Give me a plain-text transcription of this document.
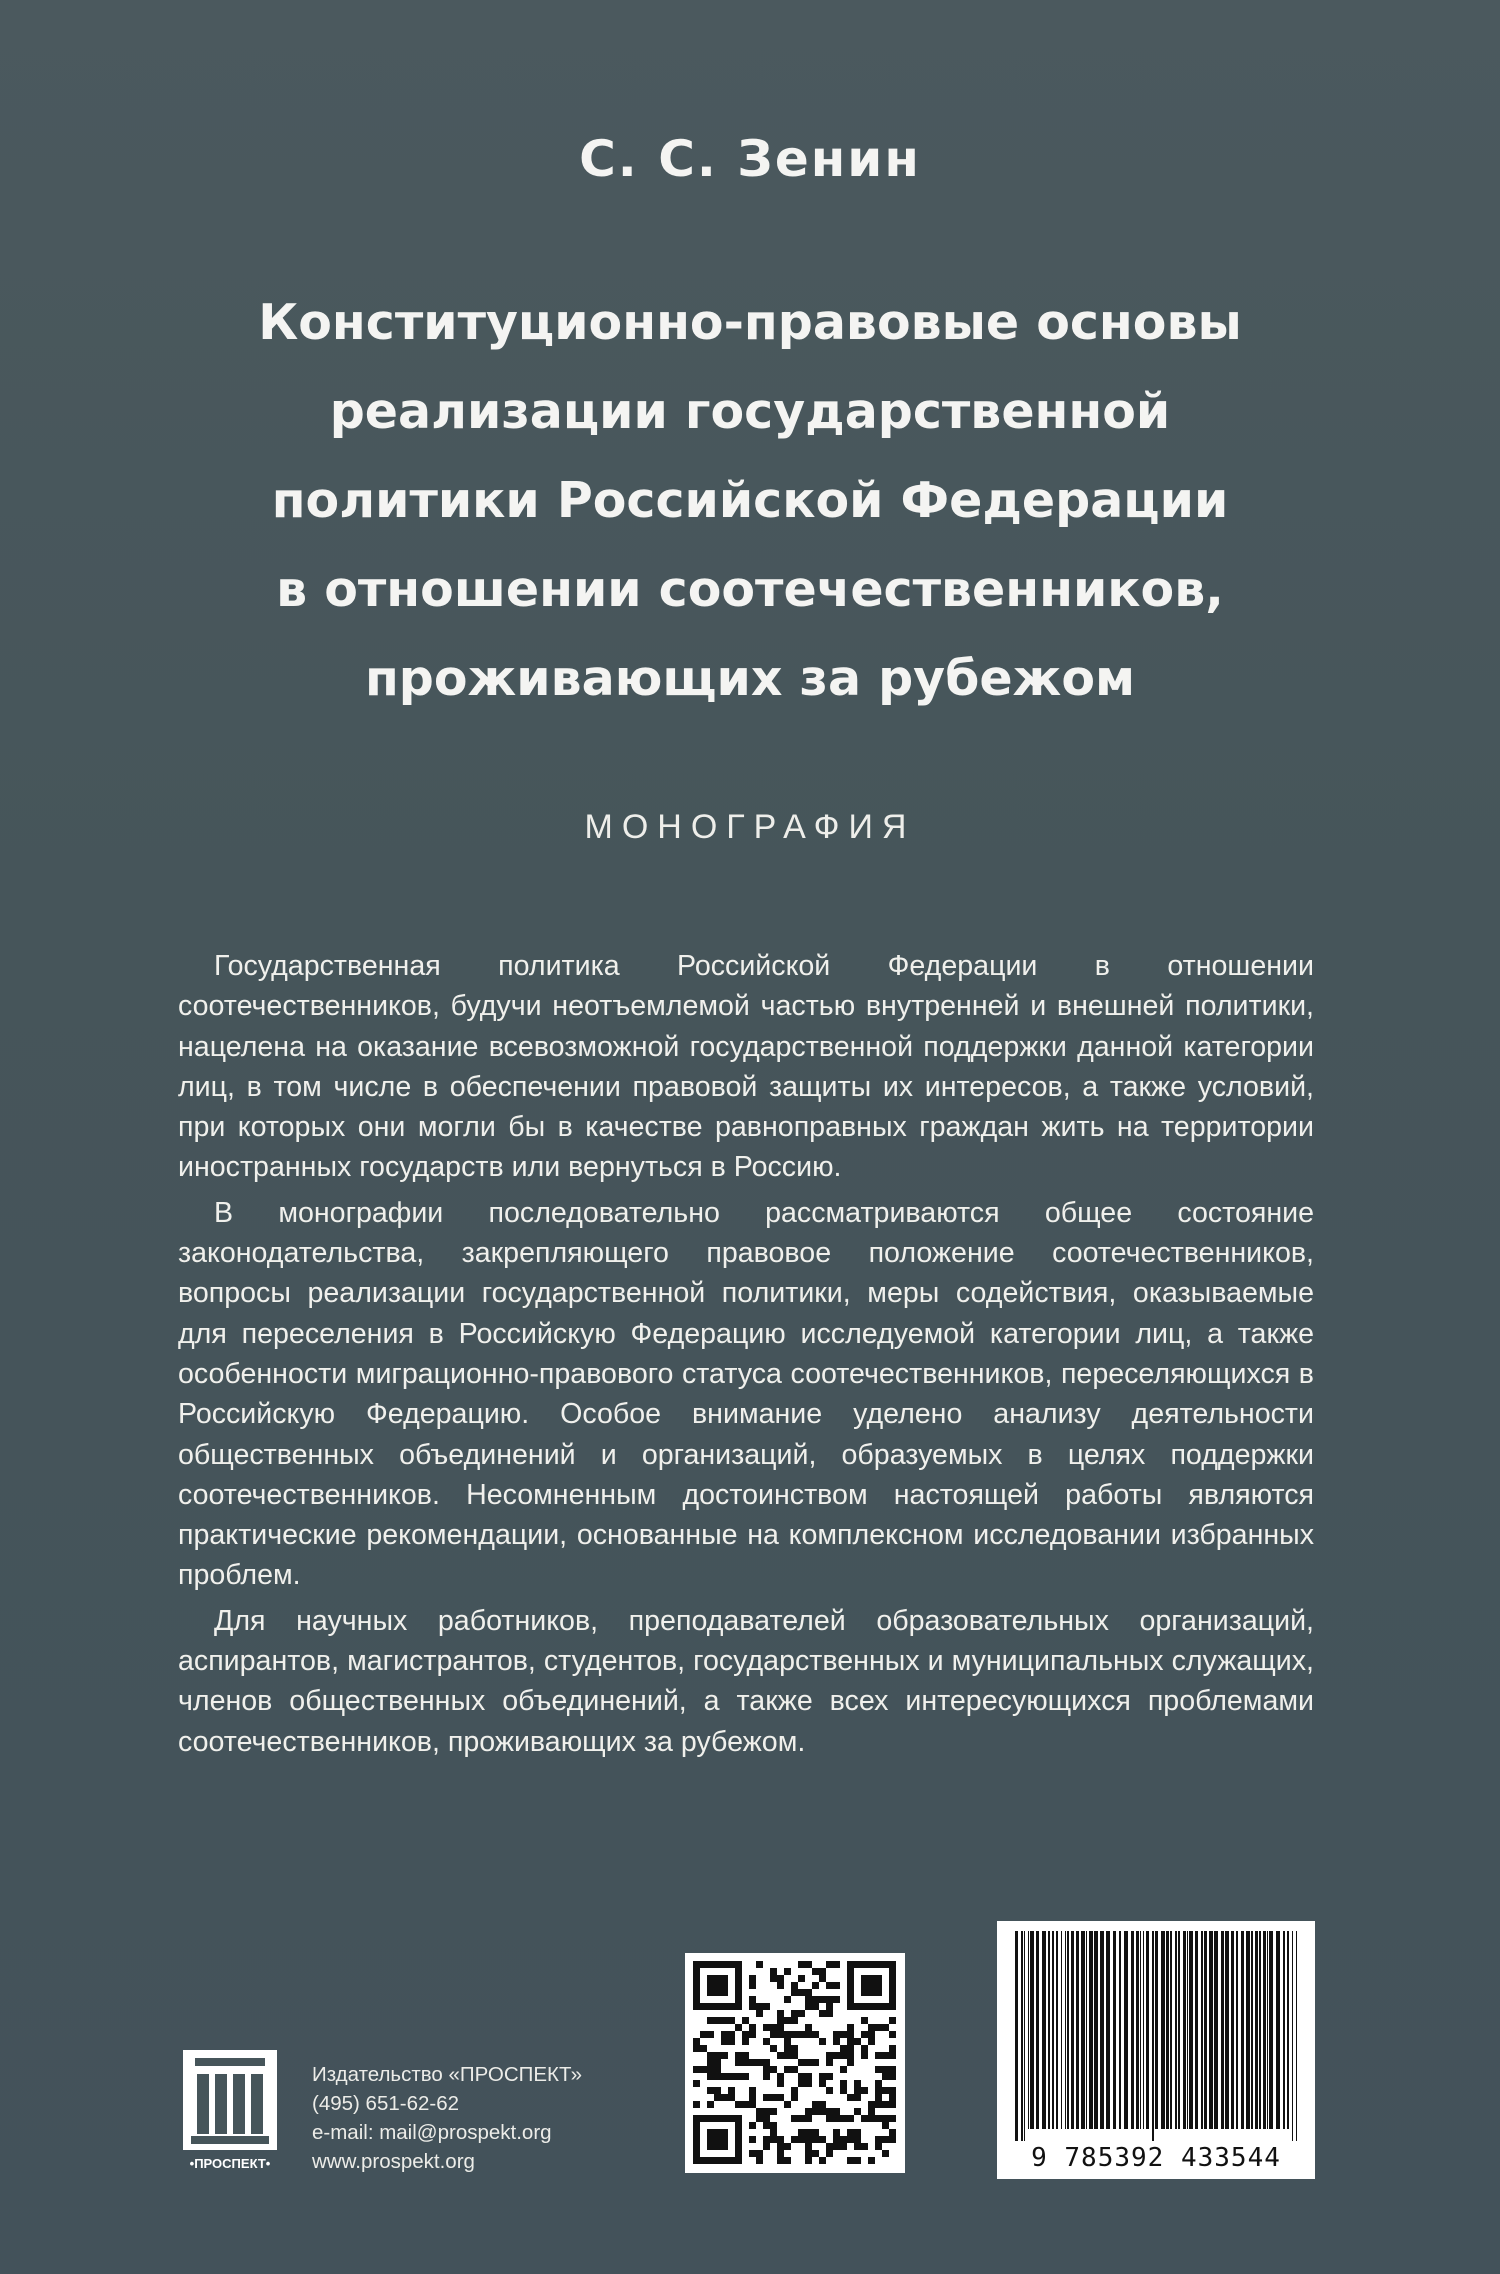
С. С. Зенин
Конституционно-правовые основы
реализации государственной
политики Российской Федерации
в отношении соотечественников,
проживающих за рубежом
МОНОГРАФИЯ

Государственная политика Российской Федерации в отношении соотечественников, будучи неотъемлемой частью внутренней и внешней политики, нацелена на оказание всевозможной государственной поддержки данной категории лиц, в том числе в обеспечении правовой защиты их интересов, а также условий, при которых они могли бы в качестве равноправных граждан жить на территории иностранных государств или вернуться в Россию.

В монографии последовательно рассматриваются общее состояние законодательства, закрепляющего правовое положение соотечественников, вопросы реализации государственной политики, меры содействия, оказываемые для переселения в Российскую Федерацию исследуемой категории лиц, а также особенности миграционно-правового статуса соотечественников, переселяющихся в Российскую Федерацию. Особое внимание уделено анализу деятельности общественных объединений и организаций, образуемых в целях поддержки соотечественников. Несомненным достоинством настоящей работы являются практические рекомендации, основанные на комплексном исследовании избранных проблем.

Для научных работников, преподавателей образовательных организаций, аспирантов, магистрантов, студентов, государственных и муниципальных служащих, членов общественных объединений, а также всех интересующихся проблемами соотечественников, проживающих за рубежом.

•ПРОСПЕКТ•
Издательство «ПРОСПЕКТ»
(495) 651-62-62
e-mail: mail@prospekt.org
www.prospekt.org	9 785392 433544
